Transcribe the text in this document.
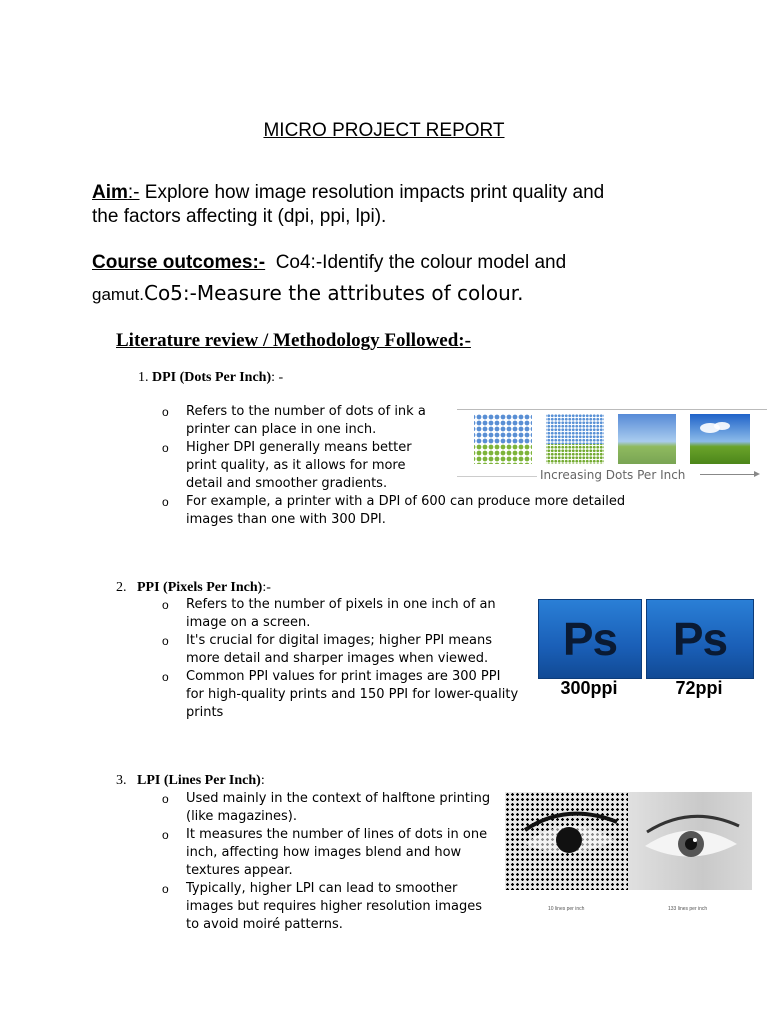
MICRO PROJECT REPORT
Aim:- Explore how image resolution impacts print quality and
the factors affecting it (dpi, ppi, lpi).
Course outcomes:- Co4:-Identify the colour model and
gamut.Co5:-Measure the attributes of colour.
Literature review / Methodology Followed:-
1. DPI (Dots Per Inch): -
o Refers to the number of dots of ink a printer can place in one inch.
o Higher DPI generally means better print quality, as it allows for more detail and smoother gradients.
o For example, a printer with a DPI of 600 can produce more detailed images than one with 300 DPI.
Increasing Dots Per Inch
2. PPI (Pixels Per Inch):-
o Refers to the number of pixels in one inch of an image on a screen.
o It's crucial for digital images; higher PPI means more detail and sharper images when viewed.
o Common PPI values for print images are 300 PPI for high-quality prints and 150 PPI for lower-quality prints
Ps	Ps
300ppi	72ppi
3. LPI (Lines Per Inch):
o Used mainly in the context of halftone printing (like magazines).
o It measures the number of lines of dots in one inch, affecting how images blend and how textures appear.
o Typically, higher LPI can lead to smoother images but requires higher resolution images to avoid moiré patterns.
10 lines per inch	133 lines per inch
